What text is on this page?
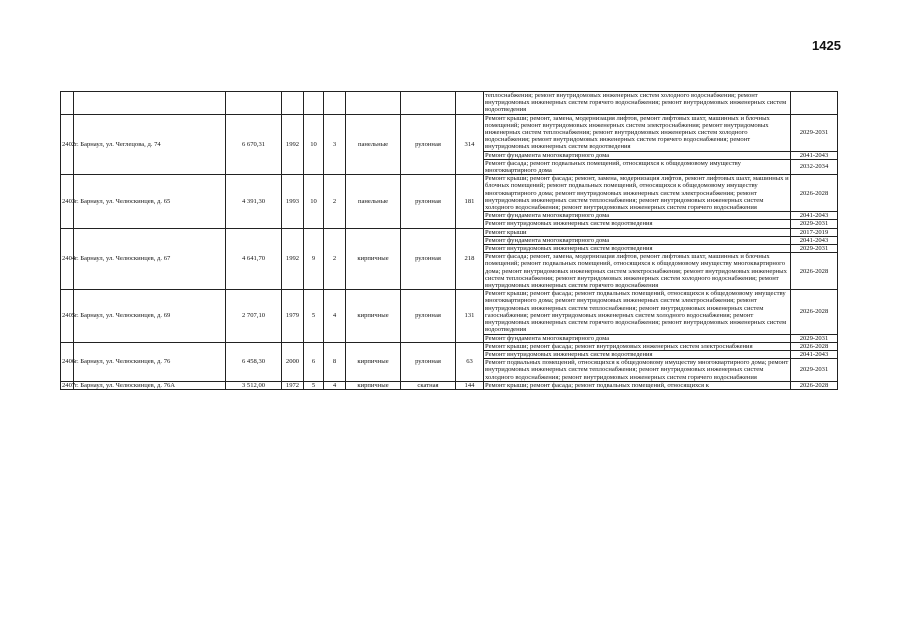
1425
									теплоснабжения; ремонт внутридомовых инженерных систем холодного водоснабжения; ремонт внутридомовых инженерных систем горячего водоснабжения; ремонт внутридомовых инженерных систем водоотведения	
2402	г. Барнаул, ул. Чеглецова, д. 74	6 670,31	1992	10	3	панельные	рулонная	314	Ремонт крыши; ремонт, замена, модернизация лифтов, ремонт лифтовых шахт, машинных и блочных помещений; ремонт внутридомовых инженерных систем электроснабжения; ремонт внутридомовых инженерных систем теплоснабжения; ремонт внутридомовых инженерных систем холодного водоснабжения; ремонт внутридомовых инженерных систем горячего водоснабжения; ремонт внутридомовых инженерных систем водоотведения	2029-2031
									Ремонт фундамента многоквартирного дома	2041-2043
									Ремонт фасада; ремонт подвальных помещений, относящихся к общедомовому имуществу многоквартирного дома	2032-2034
2403	г. Барнаул, ул. Челюскинцев, д. 65	4 391,30	1993	10	2	панельные	рулонная	181	Ремонт крыши; ремонт фасада; ремонт, замена, модернизация лифтов, ремонт лифтовых шахт, машинных и блочных помещений; ремонт подвальных помещений, относящихся к общедомовому имуществу многоквартирного дома; ремонт внутридомовых инженерных систем электроснабжения; ремонт внутридомовых инженерных систем теплоснабжения; ремонт внутридомовых инженерных систем холодного водоснабжения; ремонт внутридомовых инженерных систем горячего водоснабжения	2026-2028
									Ремонт фундамента многоквартирного дома	2041-2043
									Ремонт внутридомовых инженерных систем водоотведения	2029-2031
2404	г. Барнаул, ул. Челюскинцев, д. 67	4 641,70	1992	9	2	кирпичные	рулонная	218	Ремонт крыши	2017-2019
									Ремонт фундамента многоквартирного дома	2041-2043
									Ремонт внутридомовых инженерных систем водоотведения	2029-2031
									Ремонт фасада; ремонт, замена, модернизация лифтов, ремонт лифтовых шахт, машинных и блочных помещений; ремонт подвальных помещений, относящихся к общедомовому имуществу многоквартирного дома; ремонт внутридомовых инженерных систем электроснабжения; ремонт внутридомовых инженерных систем теплоснабжения; ремонт внутридомовых инженерных систем холодного водоснабжения; ремонт внутридомовых инженерных систем горячего водоснабжения	2026-2028
2405	г. Барнаул, ул. Челюскинцев, д. 69	2 707,10	1979	5	4	кирпичные	рулонная	131	Ремонт крыши; ремонт фасада; ремонт подвальных помещений, относящихся к общедомовому имуществу многоквартирного дома; ремонт внутридомовых инженерных систем электроснабжения; ремонт внутридомовых инженерных систем теплоснабжения; ремонт внутридомовых инженерных систем газоснабжения; ремонт внутридомовых инженерных систем холодного водоснабжения; ремонт внутридомовых инженерных систем горячего водоснабжения; ремонт внутридомовых инженерных систем водоотведения	2026-2028
									Ремонт фундамента многоквартирного дома	2029-2031
2406	г. Барнаул, ул. Челюскинцев, д. 76	6 458,30	2000	6	8	кирпичные	рулонная	63	Ремонт крыши; ремонт фасада; ремонт внутридомовых инженерных систем электроснабжения	2026-2028
									Ремонт внутридомовых инженерных систем водоотведения	2041-2043
									Ремонт подвальных помещений, относящихся к общедомовому имуществу многоквартирного дома; ремонт внутридомовых инженерных систем теплоснабжения; ремонт внутридомовых инженерных систем холодного водоснабжения; ремонт внутридомовых инженерных систем горячего водоснабжения	2029-2031
2407	г. Барнаул, ул. Челюскинцев, д. 76А	3 512,00	1972	5	4	кирпичные	скатная	144	Ремонт крыши; ремонт фасада; ремонт подвальных помещений, относящихся к	2026-2028
